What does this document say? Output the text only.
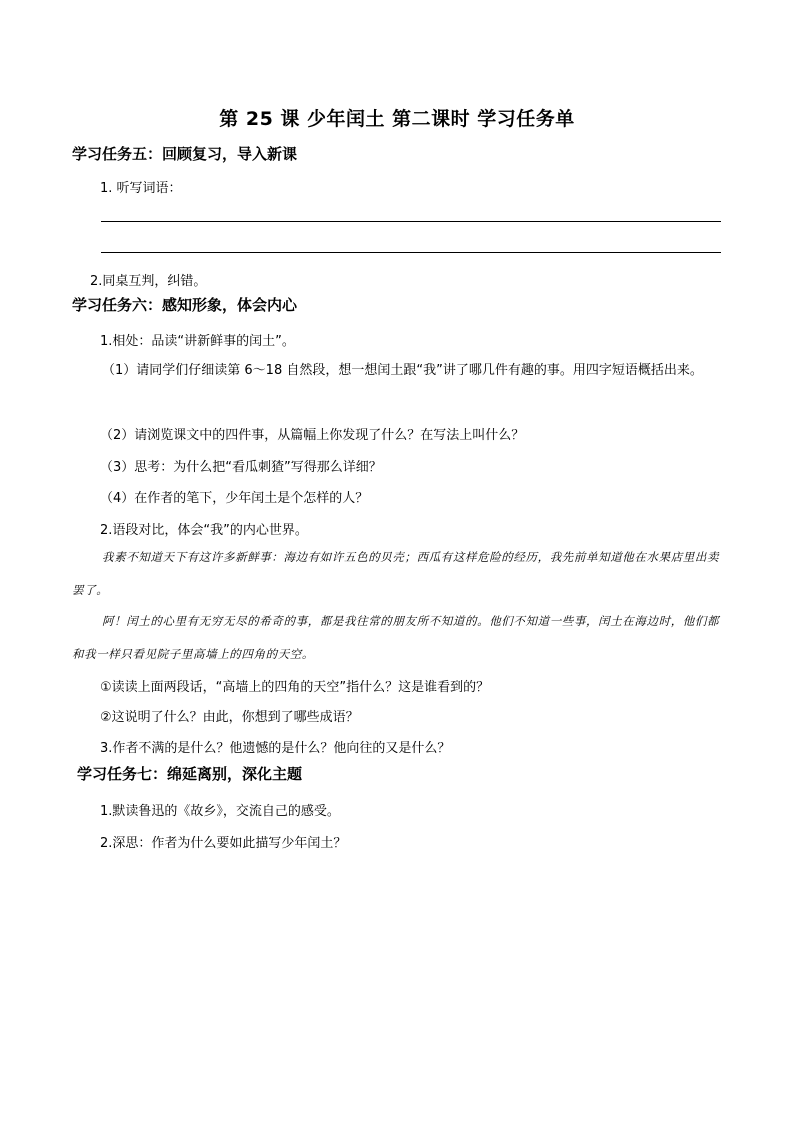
第 25 课 少年闰土 第二课时 学习任务单
学习任务五：回顾复习，导入新课
1. 听写词语：
2.同桌互判，纠错。
学习任务六：感知形象，体会内心
1.相处：品读“讲新鲜事的闰土”。
（1）请同学们仔细读第 6～18 自然段，想一想闰土跟“我”讲了哪几件有趣的事。用四字短语概括出来。
（2）请浏览课文中的四件事，从篇幅上你发现了什么？在写法上叫什么？
（3）思考：为什么把“看瓜刺猹”写得那么详细？
（4）在作者的笔下，少年闰土是个怎样的人？
2.语段对比，体会“我”的内心世界。
我素不知道天下有这许多新鲜事：海边有如许五色的贝壳；西瓜有这样危险的经历，我先前单知道他在水果店里出卖罢了。
阿！闰土的心里有无穷无尽的希奇的事，都是我往常的朋友所不知道的。他们不知道一些事，闰土在海边时，他们都和我一样只看见院子里高墙上的四角的天空。
①读读上面两段话，“高墙上的四角的天空”指什么？这是谁看到的？
②这说明了什么？由此，你想到了哪些成语？
3.作者不满的是什么？他遗憾的是什么？他向往的又是什么？
学习任务七：绵延离别，深化主题
1.默读鲁迅的《故乡》，交流自己的感受。
2.深思：作者为什么要如此描写少年闰土？
